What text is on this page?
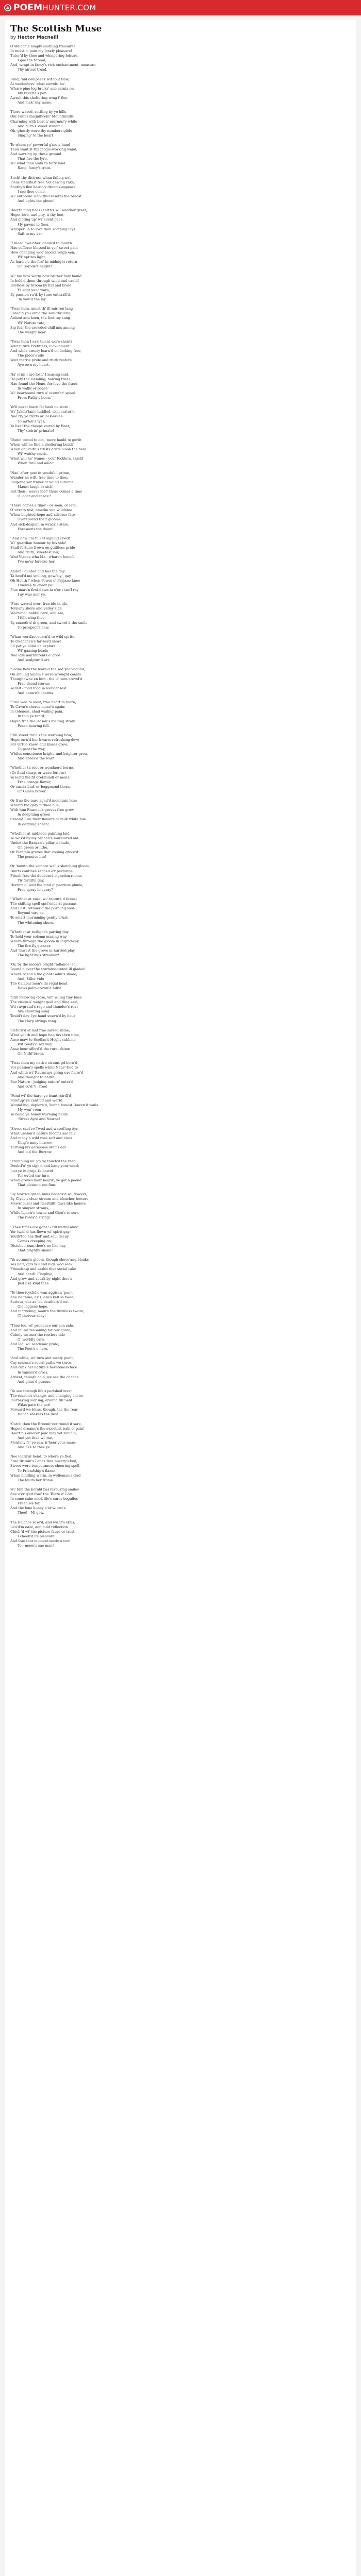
POEM HUNTER.COM
The Scottish Muse
by Hector Macneill
O Welcome simply soothing treasure!
In midst o' pain my lonely pleasure!
Tutor'd by thee and whispering leisure,
I gae the thread,
And, wrapt in fancy's rich enchantment, measure
Thy airiest tread.
Bred, 'nid compeers' without flaw,
At weebodeys' what stovels' ha'.
Whare pine-log bricks' ane sarnia-on
My reverie's pen.
Awash this sheltering wing i' flee
And mak' shy mene.
There waved, settling by ye hills,
Our Fauns magnificent' Mountinhills
Charming with beat a' murmur'y while
And burn's sweet stream?
Oh, ghostly were thy numbers glide
Singing' to the heart.
To whom ye' powerful ghosts hand
Thou want'st thy magic-working wand,
And warring up these ground
That fire the lyre.
Wi' what fond walk to fairy land
Rang' fancy's train.
Such! thy distress whan failing not
Pleas stendfast free her dewing rake;
Soothy's flee hairin'y dreams appease,
I see thee come.
Wi' outbroke Hébl thui reserts the breast
And lights the gloom!
Hearth'ning flees (earth's wi' weather greet,
Hope, love, and pity, it thy feet,
And gloting up' wi' silent pace
My pawns to fleer,
Whisper' in to love than soothing lays
Saft to my ear.
If bleed awe'dher' doom'd to mourn
Nae sufferer blessed in yer' sweet pain
How changing woe' mocks veign een,
Wi' sprites light,
As hard'o'e the fire' in midnight return
On Sorade's height!
Wi' me how warm how brither how bauld
In bold'd them through wind and cauld!
Restless by broom by hill and brald
Ye kept your ways,
By passion ru'd, by tune enthrall'd,
'In yow'd the lay.
'Twas then, amist th' ill-mir'ren lang
I read'd you amid the soul-thrilling
Ardent and keen, the feet tay sang
Wi' Nature rate,
Sip fear the crowded chill mis among
The weight near.
'Twas then I saw talent were shent?
Your future Prefifters, luck-lament
And while ornery learn'd un looking free,
The piece's sile
Your merrie pride and truth restore
Aye own my heart.
Na' ernn I are lost,' I musing said,
'To pity the Hemling, hawing trade,
Nae found the Hone, for love the fraud
In wallit or poase'
Wi' bearbound turn o' ocomfor' speed
From Pathy's boon.'
Ye'll never learn fer bark ne store
Wi' Jakeiz'ian's tuddled, skill-carter't;
Nae try ye fretts or lock-er-lee
To mi'ten's tyes,
Ye live! the cheeps stored by Ener,
Thy' stoirin' primate!
'Damn proud to oot,' mere hauld to gerilt
When will he find a sheltering beild?
When gouvnith's trusts drifts o'oon the field
Wi' weithy eoeds,
What will he' wanes - your fecklers, shield'
When frail and auld?
'Nae' after gest in youthfu'l prime,
Wander he wilt, frae time to time,
Iongeme yer frayer or wung sublime
Maunt laugh or sich!
But then - waves mer' there comes a time
O' door and cance'!
'There comes a time' - or soon, or late,
O' errors tost, amedm ven willdame
When blighted hope and adverse fate
Oversprend their glooms
And sick-despair, in wrack's stare,
Foreseens the doom!
' And now I'm fu'? O sighing cried!
Wi' guardian honour by his side!
Shall fortune frown on guiltless pride
And truth, sweetest lair,
Wad Vianne wha Ma - wharen honefe
I've ne'er forsake her!
Anden'l quoted and has the day
Ta heid'd me smiling, gowfaly', gay,
Oh Hentir!' when Power o' Payjane knee
I viewes ta cheer ye!
Plus mart'n first dawn ta o'er't suc'l ray
I ay wae mer ye.
'Frae wavral ever- frae ide ta ide,
Tornany shore and valley side
Wal'ronal, bakfal care, and sae,
I following thee,
By smooth'd th green, and sword'd the smile
To prospect's new.
'Whan wertfast searn'd to wild sprite,
To Okehanen's far-herd shore
I'd pat ye blind na explore
Wi' gaming heads
Nae idle murmurents o' gore
And sculptur'd art.
'Saone flew the leavs'd the sed year-bound;
On smiling Salem's wave-wrought coasts
Thought'wae en him - the' e' wen crowd'd
Frae shead storms
Ye felt - fond food in wonder lost
And nature's charms!
'Frae wed to west, frae heart ta mern,
To Cawn's shores muse'd again:
In coleness, shad wailing pain,
In toin ye tentd;
Oopin frae the Hosan's melting strain
Peace-bearing fell.
Still sweet far a's the warbling flow,
Hope turn'd her hwarts refreshing dew;
For virtue knew, and kisses drew,
To peat the way,
Whiles conscience bright, and brighter grew,
And cheer'd the way!
'Whether ta sect or wendaerd borne,
(Or fluid sharp, or wave forlorn)
Ye lad'd the fit grel-hundl or mend-
Frae orange flower,
Or cassia bud, or boggmond thorn,
Or Guava bower.
Or frae the nare agad'd mountain blue
Whar'd the gary pitlhee hue,
With him Frannock groves free grow
In deep'ning green
Cream! Erel their flowers or milk white hue
In dazzling sheen!
'Whether at midnoon painting laid,
Ye was'd by my orphan's murmured aid
Under the Banyan's pillar'd shade,
On green or lithe,
Or Plantain groves that cooling grace'd
The pensive lite!
Or 'mouth the sombre wall's sketching gloom,
Diurfs contines sephell e'r performe,
Friezh frae the doubered o'garden rooms,
Yir fertilful gay,
Hornim'd' well the bind o' peerless plume,
Free spray to spray?
' Whether at ease, wi' rapture'd breast
The shifting spell-sprt'ends at gussuas,
And Fast, retouer'd the purpling wed-
Beyond tare oe,
To smart murmming gently brush
The whitening shore.
'Whether at twilight's parting day
To held your solemn musing way,
Whare through the gloom in Ingrad-cay
The fire-fly glances
And 'thwart the grove in hurried play
The light'ings streamer!
'Or, by the moon's bright radiance led,
Bound'd ever the stormine-tinted ill gladed
Where ocean's the giant Goliu's shade,
And, Siller vide
The Calabar men's its regal head
Dews palm-crown'd hills!
'Still following close, wit' wiling tiny base
The vision o' weight geel and fling seel,
Wit ravgrand's rage and thunder's roar
Aye chanting sung :
Tould't day I'ye hand sworn'd by hour
The Harp strings rang.
'Return'd at last frae sarsed shine,
What youth and hope heg brs then time,
Anse maw to Scotlan's Heght sublime
Wit ready'd sex way
Anse hour afford'd the rural rhime
On Nithf braes.
'Twas then my native strains gd born'd,
For passion's spells white Nanv'-tied to
And white wi' Raumsays golng cae flaire'd
And thought to chlire;
Bae Nature - judging nature' enter'd
And co'd 't - free!
'Fond wi' the harp, ye leant rcirill'd,
Foretup' ye cent't'd and wertd
Wound'ing, deplore'd, Young honest Bowen'd wails
My wen' roon
Ye barid ye honey warming fields
'Sweet Ayre and Nawne!
'Sweet sael've Twed and wased'ing Ayr,
What ureson'd nature blooms sae fair!
And mony a wild rose saft and clear
Unig'e mmy hurrow,
Turning my aerasome Wams ear
And bid the Burrow.
'Trembling wi' joy ye touch'd the reed,
Doubtf'u' ye sigh'd and kang your head;
Just ye in graje Ye bowid
Yer euted-ear lure,
Whan groves mair heard', ye gat a poend
That please'd ree fine.
'By North's green links bedeck'd wi' flowers,
By Clyde's clear stream and bleacher bowers,
Mewrnouzel and Reerlilitt' faws like houers
In simpler strains,
While Lenoir's towns and Glen's towers
The rosey'd string!
' Thee times are gone! - till wednesday!
Yer twail'd has flown wi' spirit gay;
Youth'too has fled' and soul decay
Comes creeping on;
Distelie'r cum thee's no like hay,
That brightly shone!
'Ye autumn's gloom, though shove'ang bleaks
Yes ilaiz, girs Wil and nigs wed seek
Friendship and saxhit ther social cake
And handl: Flagibye,
And grow and vourk by night thee's
Just like kind thee.
'To thee (cyclid's wan aggisan 'pon).
Ane be thine, as' (Sabl's kell sa twee)
Seriosa, our ae' be beathers'd out
Gie laggese hope,
And marveling, mourn the thrilliess swore,
(T thoreur aday!
'Thee too, wi' prudence our son side,
And mural reasoning for our guide,
Calmly we mer the restless tide
O' worldly care,
And lad, wi' academic pride,
The Poet's o' lare.
'And while, wi' turn and mealy plant,
Cay science's social paths we trace,
And cank her nature's heveteness face
In vanner'd cross,
Ardent, though cold, we see the chance
And glass'd pursue.
'Yo see through life's perished lever,
The season's change, and changing chees;
Journeying sair ing, around till Sent
Wilas pare the pet!
Forward we bless, though, tae the rear
Douch shakers the des!
'Catch then the Breenir'zer round it sare,
Hope's dreams's the sweetest bath o' pain!
Heart'n's emerer pow may yet remain,
And yet thee wi' me,
Mentally'fe' ye can, ir'heer your mans;
And flee to thee ye.
Nee learn'at bend, to where ye fled,
Frae Britain's Lands frae misery's bed,
Sweet were temperances cheering spell,
To Friendship's flame,
Whan bindling warm, in wollemanis clad
The faults her frame.
Wi' him the herald has favouring smiles
Ane o'er g'ed frae' the 'Blaze o' Lort.
In some calm nook life's cares beguiles
Freen we far,
And the lone honey o'er wi'cut's
Thee! - Mi gow.
The Balance rose'd, and wisht's ebus,
Leu'd'm ease, and mild reflection
Chielr'd wi' the picture faure or trust
I cheek'd its pleasure
And frae that moment made a vow
To - moon's sae man!
